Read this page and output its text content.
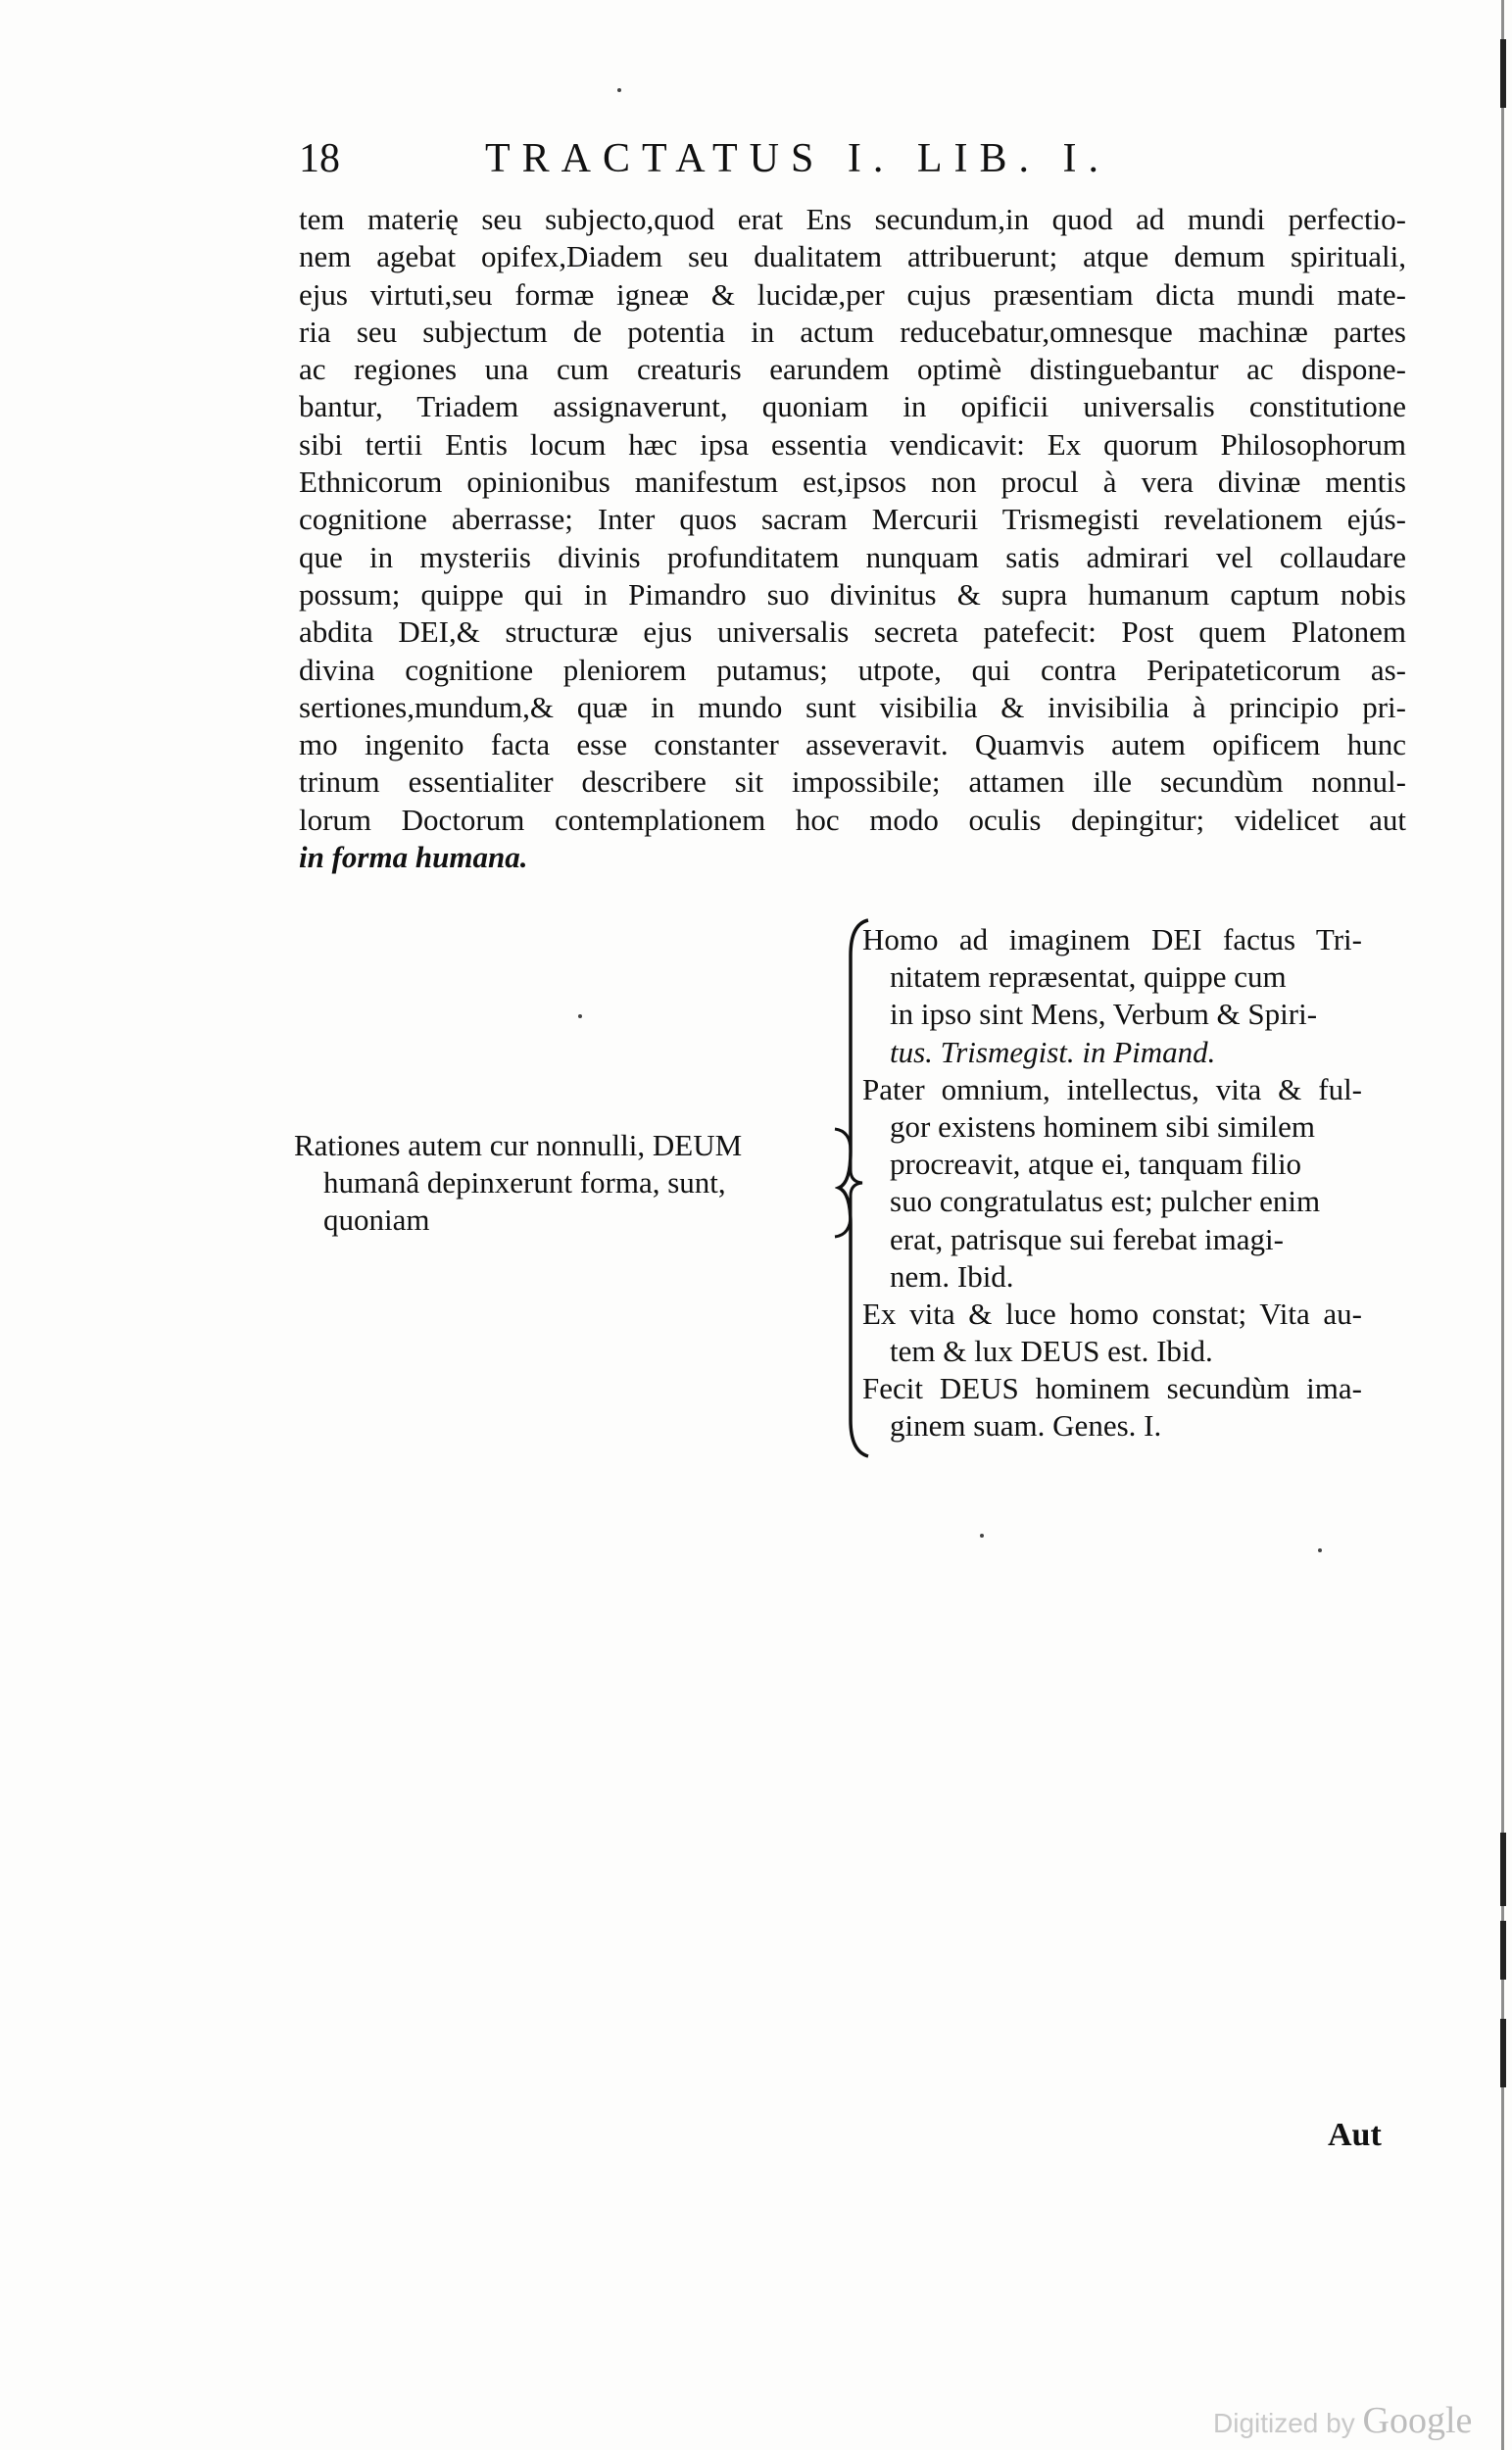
18	TRACTATUS I. LIB. I.
tem materię seu subjecto,quod erat Ens secundum,in quod ad mundi perfectio-
nem agebat opifex,Diadem seu dualitatem attribuerunt; atque demum spirituali,
ejus virtuti,seu formæ igneæ & lucidæ,per cujus præsentiam dicta mundi mate-
ria seu subjectum de potentia in actum reducebatur,omnesque machinæ partes
ac regiones una cum creaturis earundem optimè distinguebantur ac dispone-
bantur, Triadem assignaverunt, quoniam in opificii universalis constitutione
sibi tertii Entis locum hæc ipsa essentia vendicavit: Ex quorum Philosophorum
Ethnicorum opinionibus manifestum est,ipsos non procul à vera divinæ mentis
cognitione aberrasse; Inter quos sacram Mercurii Trismegisti revelationem ejús-
que in mysteriis divinis profunditatem nunquam satis admirari vel collaudare
possum; quippe qui in Pimandro suo divinitus & supra humanum captum nobis
abdita DEI,& structuræ ejus universalis secreta patefecit: Post quem Platonem
divina cognitione pleniorem putamus; utpote, qui contra Peripateticorum as-
sertiones,mundum,& quæ in mundo sunt visibilia & invisibilia à principio pri-
mo ingenito facta esse constanter asseveravit. Quamvis autem opificem hunc
trinum essentialiter describere sit impossibile; attamen ille secundùm nonnul-
lorum Doctorum contemplationem hoc modo oculis depingitur; videlicet aut
in forma humana.
Rationes autem cur nonnulli, DEUM
humanâ depinxerunt forma, sunt,
quoniam
Homo ad imaginem DEI factus Tri-
nitatem repræsentat, quippe cum
in ipso sint Mens, Verbum & Spiri-
tus. Trismegist. in Pimand.
Pater omnium, intellectus, vita & ful-
gor existens hominem sibi similem
procreavit, atque ei, tanquam filio
suo congratulatus est; pulcher enim
erat, patrisque sui ferebat imagi-
nem. Ibid.
Ex vita & luce homo constat; Vita au-
tem & lux DEUS est. Ibid.
Fecit DEUS hominem secundùm ima-
ginem suam. Genes. I.
Aut
Digitized by Google
